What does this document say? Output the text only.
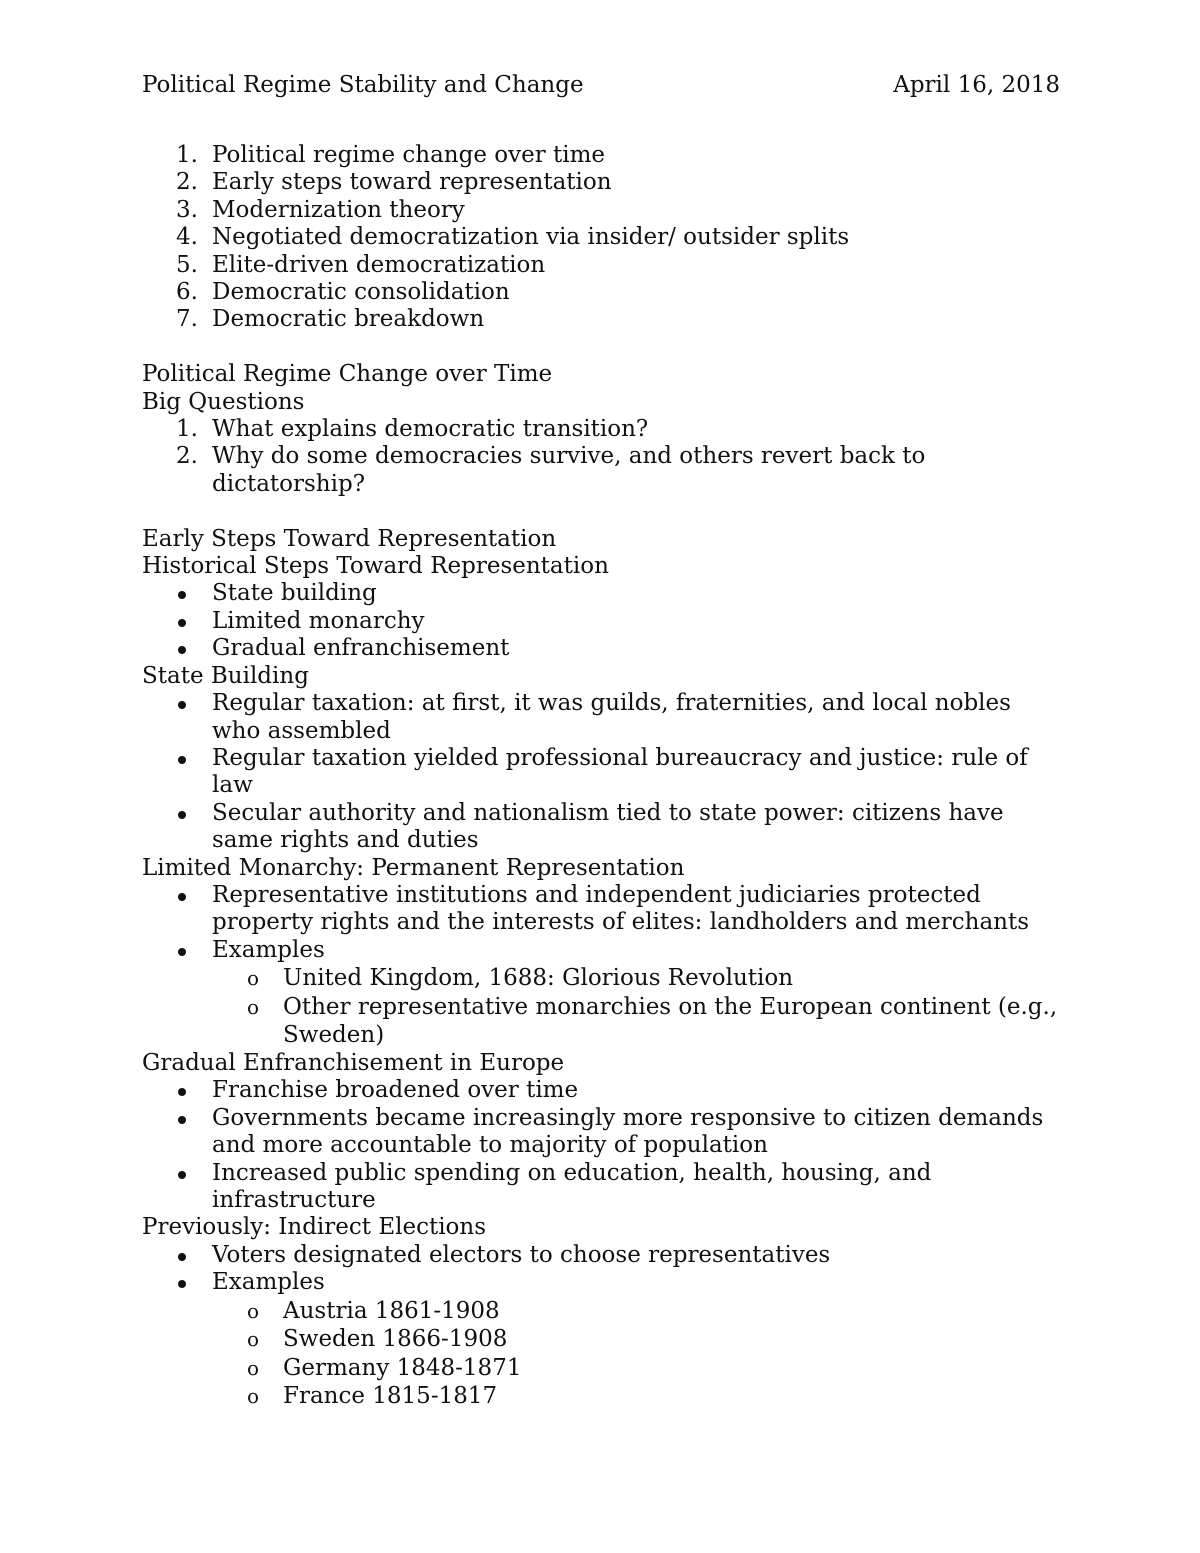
Political Regime Stability and Change	April 16, 2018
1. Political regime change over time
2. Early steps toward representation
3. Modernization theory
4. Negotiated democratization via insider/ outsider splits
5. Elite-driven democratization
6. Democratic consolidation
7. Democratic breakdown
Political Regime Change over Time
Big Questions
1. What explains democratic transition?
2. Why do some democracies survive, and others revert back to dictatorship?
Early Steps Toward Representation
Historical Steps Toward Representation
State building
Limited monarchy
Gradual enfranchisement
State Building
Regular taxation: at first, it was guilds, fraternities, and local nobles who assembled
Regular taxation yielded professional bureaucracy and justice: rule of law
Secular authority and nationalism tied to state power: citizens have same rights and duties
Limited Monarchy: Permanent Representation
Representative institutions and independent judiciaries protected property rights and the interests of elites: landholders and merchants
Examples
o United Kingdom, 1688: Glorious Revolution
o Other representative monarchies on the European continent (e.g., Sweden)
Gradual Enfranchisement in Europe
Franchise broadened over time
Governments became increasingly more responsive to citizen demands and more accountable to majority of population
Increased public spending on education, health, housing, and infrastructure
Previously: Indirect Elections
Voters designated electors to choose representatives
Examples
o Austria 1861-1908
o Sweden 1866-1908
o Germany 1848-1871
o France 1815-1817
